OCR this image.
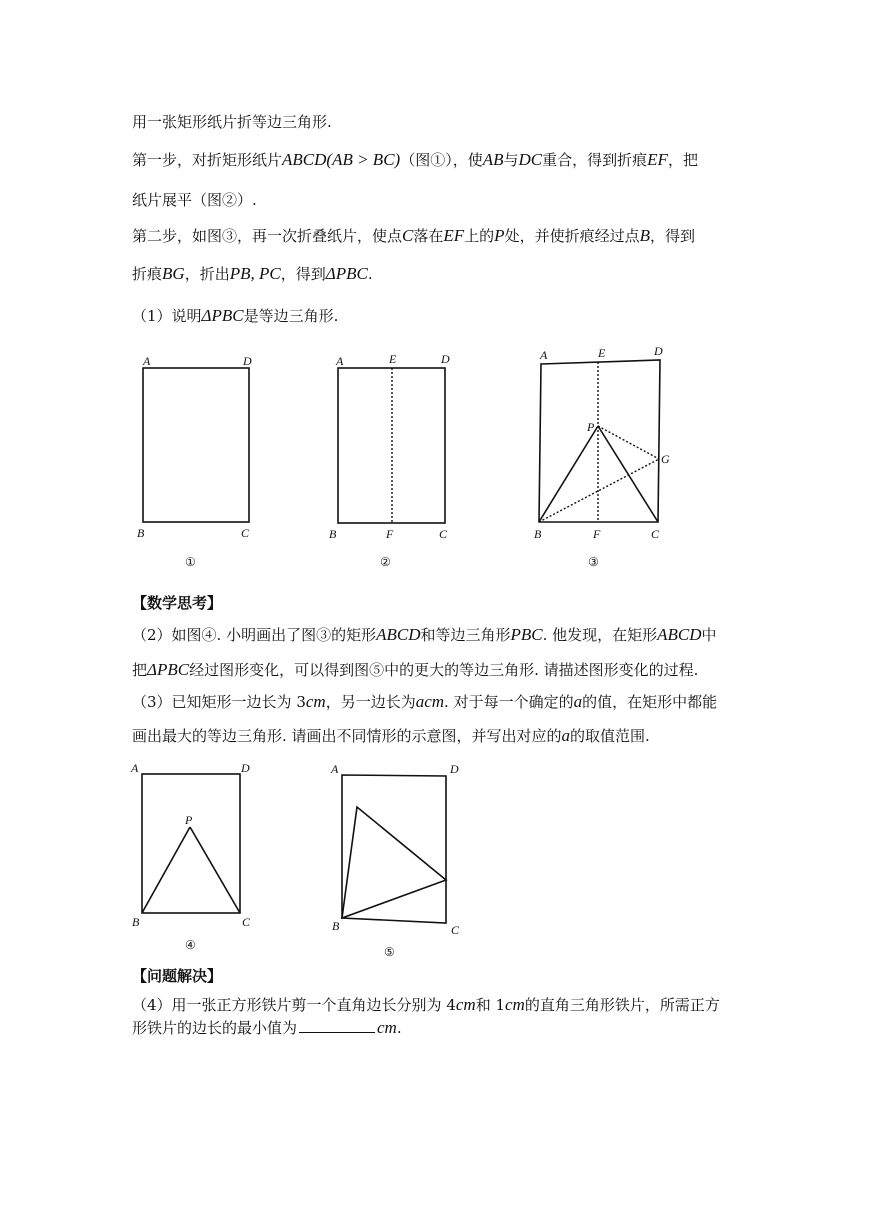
用一张矩形纸片折等边三角形.
第一步，对折矩形纸片ABCD(AB > BC)（图①），使AB与DC重合，得到折痕EF，把
纸片展平（图②）.
第二步，如图③，再一次折叠纸片，使点C落在EF上的P处，并使折痕经过点B，得到
折痕BG，折出PB, PC，得到ΔPBC.
（1）说明ΔPBC是等边三角形.
A	D
B	C
①
A	E	D
B	F	C
②
A	E	D
P
G
B	F	C
③
【数学思考】
（2）如图④. 小明画出了图③的矩形ABCD和等边三角形PBC. 他发现，在矩形ABCD中
把ΔPBC经过图形变化，可以得到图⑤中的更大的等边三角形. 请描述图形变化的过程.
（3）已知矩形一边长为 3cm，另一边长为acm. 对于每一个确定的a的值，在矩形中都能
画出最大的等边三角形. 请画出不同情形的示意图，并写出对应的a的取值范围.
A	D
P
B	C
④
A	D
B	C
⑤
【问题解决】
（4）用一张正方形铁片剪一个直角边长分别为 4cm和 1cm的直角三角形铁片，所需正方
形铁片的边长的最小值为	cm.
